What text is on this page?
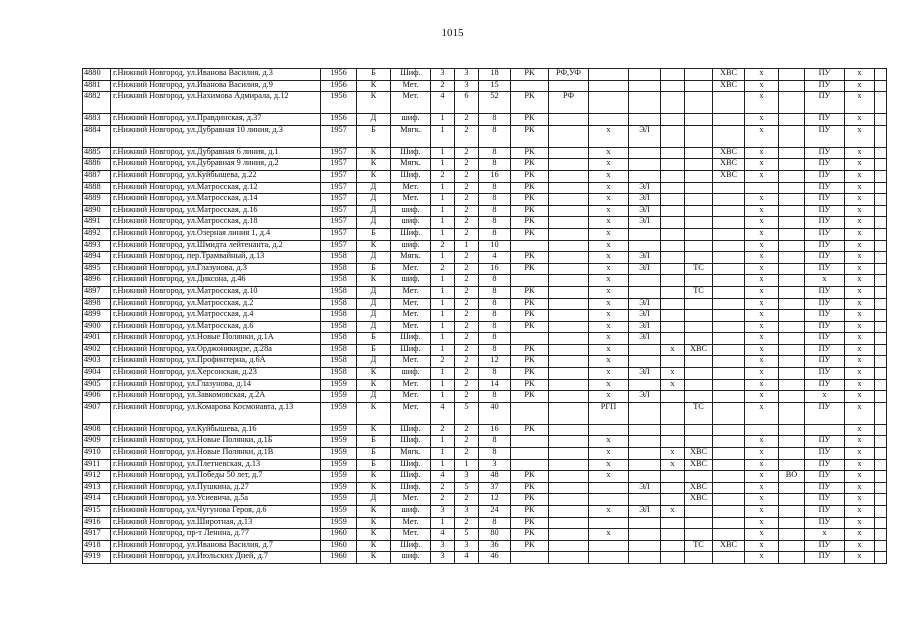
1015
4880	г.Нижний Новгород, ул.Иванова Василия, д.3	1956	Б	Шиф.	3	3	18	РК	РФ,УФ					ХВС	х		ПУ	х	
4881	г.Нижний Новгород, ул.Иванова Василия, д.9	1956	К	Мет.	2	3	15							ХВС	х		ПУ	х	
4882	г.Нижний Новгород, ул.Нахимова Адмирала, д.12	1956	К	Мет.	4	6	52	РК	РФ						х		ПУ	х	
4883	г.Нижний Новгород, ул.Правдинская, д.37	1956	Д	шиф.	1	2	8	РК							х		ПУ	х	
4884	г.Нижний Новгород, ул.Дубравная 10 линия, д.3	1957	Б	Мягк.	1	2	8	РК		х	ЭЛ				х		ПУ	х	
4885	г.Нижний Новгород, ул.Дубравная 6 линия, д.1	1957	К	Шиф.	1	2	8	РК		х				ХВС	х		ПУ	х	
4886	г.Нижний Новгород, ул.Дубравная 9 линия, д.2	1957	К	Мягк.	1	2	8	РК		х				ХВС	х		ПУ	х	
4887	г.Нижний Новгород, ул.Куйбышева, д.22	1957	К	Шиф.	2	2	16	РК		х				ХВС	х		ПУ	х	
4888	г.Нижний Новгород, ул.Матросская, д.12	1957	Д	Мет.	1	2	8	РК		х	ЭЛ						ПУ	х	
4889	г.Нижний Новгород, ул.Матросская, д.14	1957	Д	Мет.	1	2	8	РК		х	ЭЛ				х		ПУ	х	
4890	г.Нижний Новгород, ул.Матросская, д.16	1957	Д	шиф.	1	2	8	РК		х	ЭЛ				х		ПУ	х	
4891	г.Нижний Новгород, ул.Матросская, д.18	1957	Д	шиф.	1	2	8	РК		х	ЭЛ				х		ПУ	х	
4892	г.Нижний Новгород, ул.Озерная линия 1, д.4	1957	Б	Шиф.	1	2	8	РК		х					х		ПУ	х	
4893	г.Нижний Новгород, ул.Шмидта лейтенанта, д.2	1957	К	шиф.	2	1	10			х					х		ПУ	х	
4894	г.Нижний Новгород, пер.Трамвайный, д.13	1958	Д	Мягк.	1	2	4	РК		х	ЭЛ				х		ПУ	х	
4895	г.Нижний Новгород, ул.Глазунова, д.3	1958	Б	Мет.	2	2	16	РК		х	ЭЛ		ТС		х		ПУ	х	
4896	г.Нижний Новгород, ул.Диксона, д.46	1958	К	шиф.	1	2	8			х					х		х	х	
4897	г.Нижний Новгород, ул.Матросская, д.10	1958	Д	Мет.	1	2	8	РК		х			ТС		х		ПУ	х	
4898	г.Нижний Новгород, ул.Матросская, д.2	1958	Д	Мет.	1	2	8	РК		х	ЭЛ				х		ПУ	х	
4899	г.Нижний Новгород, ул.Матросская, д.4	1958	Д	Мет.	1	2	8	РК		х	ЭЛ				х		ПУ	х	
4900	г.Нижний Новгород, ул.Матросская, д.6	1958	Д	Мет.	1	2	8	РК		х	ЭЛ				х		ПУ	х	
4901	г.Нижний Новгород, ул.Новые Полянки, д.1А	1958	Б	Шиф.	1	2	8			х	ЭЛ				х		ПУ	х	
4902	г.Нижний Новгород, ул.Орджоникидзе, д.28а	1958	Б	Шиф.	1	2	8	РК		х		х	ХВС		х		ПУ	х	
4903	г.Нижний Новгород, ул.Профинтерна, д.6А	1958	Д	Мет.	2	2	12	РК		х					х		ПУ	х	
4904	г.Нижний Новгород, ул.Херсонская, д.23	1958	К	шиф.	1	2	8	РК		х	ЭЛ	х			х		ПУ	х	
4905	г.Нижний Новгород, ул.Глазунова, д.14	1959	К	Мет.	1	2	14	РК		х		х			х		ПУ	х	
4906	г.Нижний Новгород, ул.Завкомовская, д.2А	1959	Д	Мет.	1	2	8	РК		х	ЭЛ				х		х	х	
4907	г.Нижний Новгород, ул.Комарова Космонавта, д.13	1959	К	Мет.	4	5	40			РГП			ТС		х		ПУ	х	
4908	г.Нижний Новгород, ул.Куйбышева, д.16	1959	К	Шиф.	2	2	16	РК										х	
4909	г.Нижний Новгород, ул.Новые Полянки, д.1Б	1959	Б	Шиф.	1	2	8			х					х		ПУ	х	
4910	г.Нижний Новгород, ул.Новые Полянки, д.1В	1959	Б	Мягк.	1	2	8			х		х	ХВС		х		ПУ	х	
4911	г.Нижний Новгород, ул.Плетневская, д.13	1959	Б	Шиф.	1	1	3			х		х	ХВС		х		ПУ	х	
4912	г.Нижний Новгород, ул.Победы 50 лет, д.7	1959	К	Шиф.	4	3	48	РК		х					х	ВО	ПУ	х	
4913	г.Нижний Новгород, ул.Пушкина, д.27	1959	К	Шиф.	2	5	37	РК			ЭЛ		ХВС		х		ПУ	х	
4914	г.Нижний Новгород, ул.Усиевича, д.5а	1959	Д	Мет.	2	2	12	РК					ХВС		х		ПУ	х	
4915	г.Нижний Новгород, ул.Чугунова Героя, д.6	1959	К	шиф.	3	3	24	РК		х	ЭЛ	х			х		ПУ	х	
4916	г.Нижний Новгород, ул.Широтная, д.13	1959	К	Мет.	1	2	8	РК							х		ПУ	х	
4917	г.Нижний Новгород, пр-т Ленина, д.77	1960	К	Мет.	4	5	80	РК		х					х		х	х	
4918	г.Нижний Новгород, ул.Иванова Василия, д.7	1960	К	Шиф.	3	3	36	РК					ТС	ХВС	х		ПУ	х	
4919	г.Нижний Новгород, ул.Июльских Дней, д.7	1960	К	шиф.	3	4	46								х		ПУ	х	
